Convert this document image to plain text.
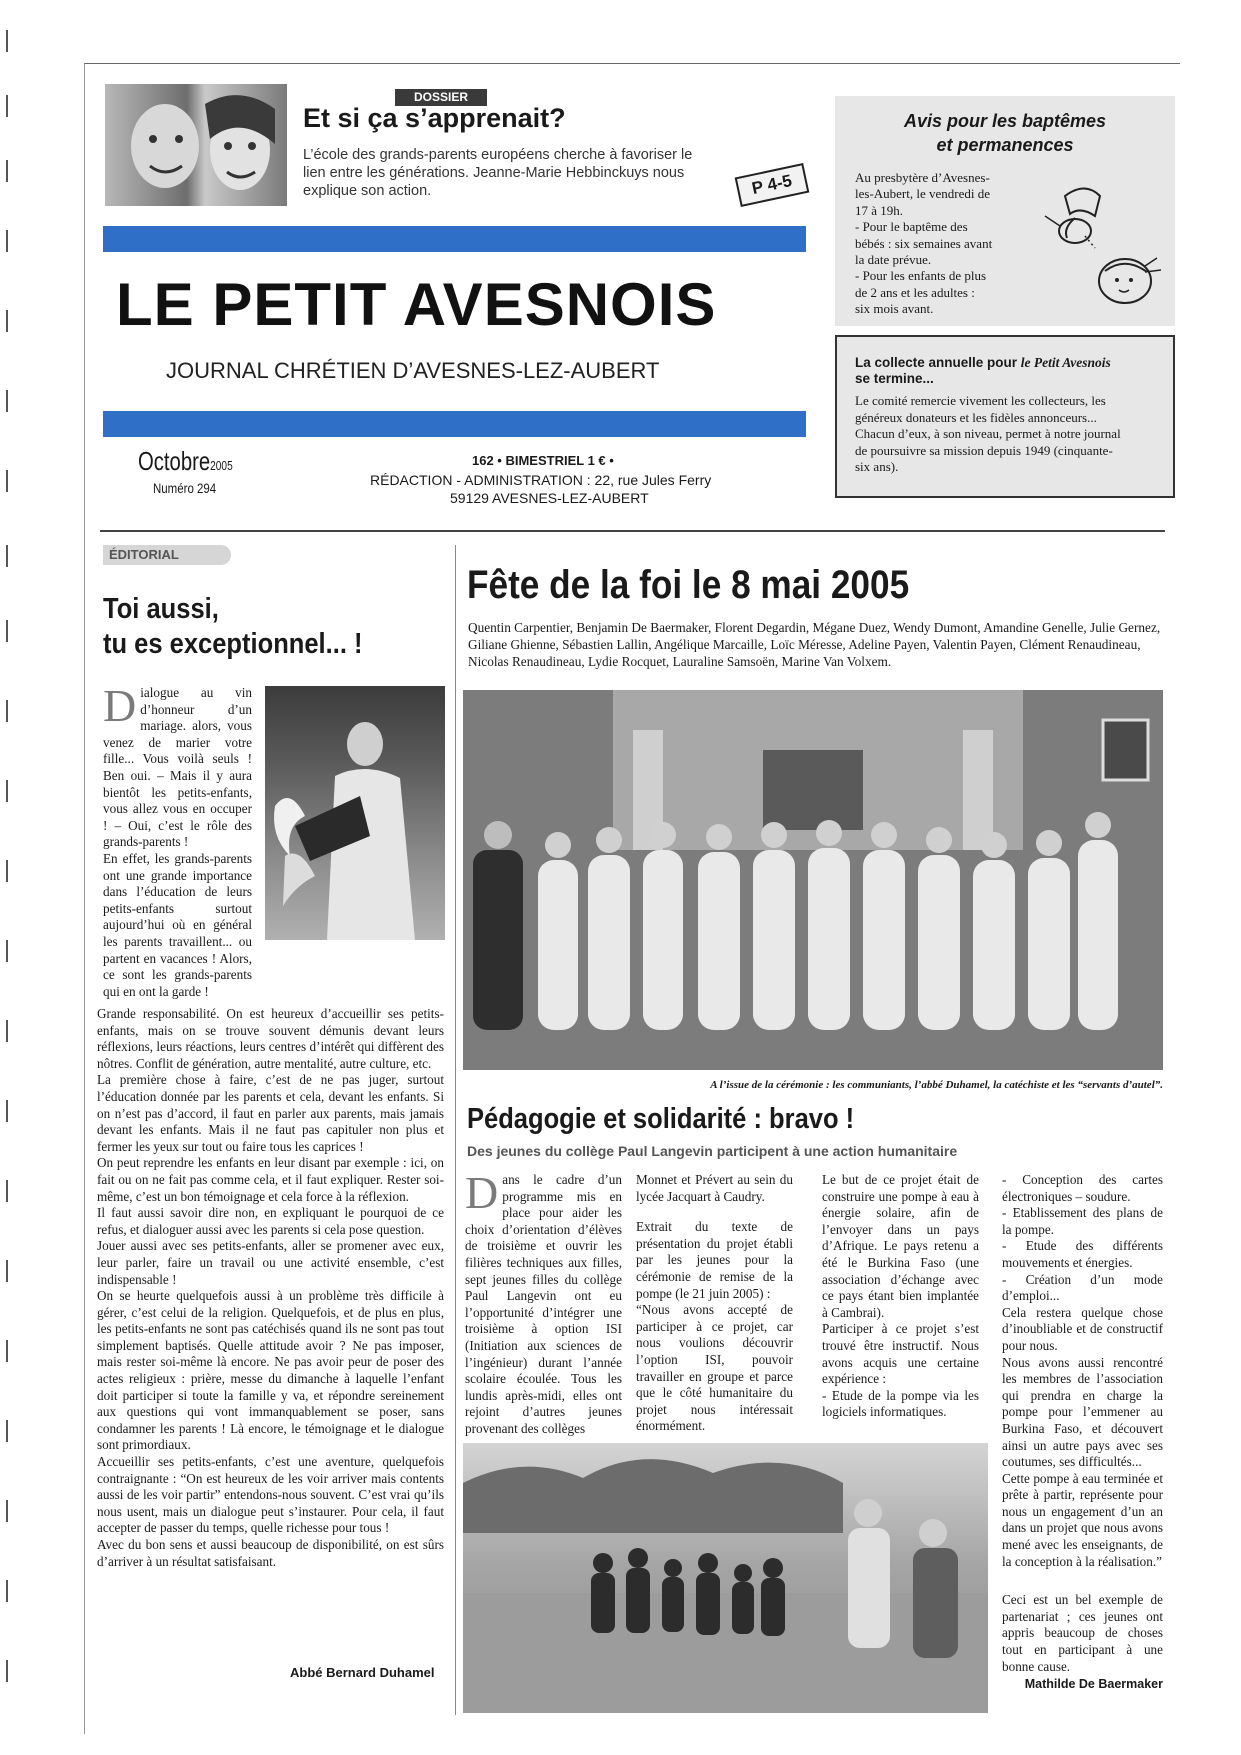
DOSSIER
Et si ça s’apprenait?
L’école des grands-parents européens cherche à favoriser le lien entre les générations. Jeanne-Marie Hebbinckuys nous explique son action.	P 4-5
LE PETIT AVESNOIS
JOURNAL CHRÉTIEN D’AVESNES-LEZ-AUBERT
Octobre2005
Numéro 294
162 • BIMESTRIEL 1 € •
RÉDACTION - ADMINISTRATION : 22, rue Jules Ferry
59129 AVESNES-LEZ-AUBERT
Avis pour les baptêmes
et permanences
Au presbytère d’Avesnes-
les-Aubert, le vendredi de
17 à 19h.
- Pour le baptême des
bébés : six semaines avant
la date prévue.
- Pour les enfants de plus
de 2 ans et les adultes :
six mois avant.
La collecte annuelle pour le Petit Avesnois
se termine...
Le comité remercie vivement les collecteurs, les
généreux donateurs et les fidèles annonceurs...
Chacun d’eux, à son niveau, permet à notre journal
de poursuivre sa mission depuis 1949 (cinquante-
six ans).
ÉDITORIAL
Toi aussi,
tu es exceptionnel... !
Dialogue au vin d’honneur d’un mariage. alors, vous venez de marier votre fille... Vous voilà seuls ! Ben oui. – Mais il y aura bientôt les petits-enfants, vous allez vous en occuper ! – Oui, c’est le rôle des grands-parents !

En effet, les grands-parents ont une grande importance dans l’éducation de leurs petits-enfants surtout aujourd’hui où en général les parents travaillent... ou partent en vacances ! Alors, ce sont les grands-parents qui en ont la garde !

Grande responsabilité. On est heureux d’accueillir ses petits-enfants, mais on se trouve souvent démunis devant leurs réflexions, leurs réactions, leurs centres d’intérêt qui diffèrent des nôtres. Conflit de génération, autre mentalité, autre culture, etc.

La première chose à faire, c’est de ne pas juger, surtout l’éducation donnée par les parents et cela, devant les enfants. Si on n’est pas d’accord, il faut en parler aux parents, mais jamais devant les enfants. Mais il ne faut pas capituler non plus et fermer les yeux sur tout ou faire tous les caprices !

On peut reprendre les enfants en leur disant par exemple : ici, on fait ou on ne fait pas comme cela, et il faut expliquer. Rester soi-même, c’est un bon témoignage et cela force à la réflexion.

Il faut aussi savoir dire non, en expliquant le pourquoi de ce refus, et dialoguer aussi avec les parents si cela pose question.

Jouer aussi avec ses petits-enfants, aller se promener avec eux, leur parler, faire un travail ou une activité ensemble, c’est indispensable !

On se heurte quelquefois aussi à un problème très difficile à gérer, c’est celui de la religion. Quelquefois, et de plus en plus, les petits-enfants ne sont pas catéchisés quand ils ne sont pas tout simplement baptisés. Quelle attitude avoir ? Ne pas imposer, mais rester soi-même là encore. Ne pas avoir peur de poser des actes religieux : prière, messe du dimanche à laquelle l’enfant doit participer si toute la famille y va, et répondre sereinement aux questions qui vont immanquablement se poser, sans condamner les parents ! Là encore, le témoignage et le dialogue sont primordiaux.

Accueillir ses petits-enfants, c’est une aventure, quelquefois contraignante : “On est heureux de les voir arriver mais contents aussi de les voir partir” entendons-nous souvent. C’est vrai qu’ils nous usent, mais un dialogue peut s’instaurer. Pour cela, il faut accepter de passer du temps, quelle richesse pour tous !

Avec du bon sens et aussi beaucoup de disponibilité, on est sûrs d’arriver à un résultat satisfaisant.

Abbé Bernard Duhamel
Fête de la foi le 8 mai 2005
Quentin Carpentier, Benjamin De Baermaker, Florent Degardin, Mégane Duez, Wendy Dumont, Amandine Genelle, Julie Gernez, Giliane Ghienne, Sébastien Lallin, Angélique Marcaille, Loïc Méresse, Adeline Payen, Valentin Payen, Clément Renaudineau, Nicolas Renaudineau, Lydie Rocquet, Lauraline Samsoën, Marine Van Volxem.
A l’issue de la cérémonie : les communiants, l’abbé Duhamel, la catéchiste et les “servants d’autel”.
Pédagogie et solidarité : bravo !
Des jeunes du collège Paul Langevin participent à une action humanitaire
Dans le cadre d’un programme mis en place pour aider les choix d’orientation d’élèves de troisième et ouvrir les filières techniques aux filles, sept jeunes filles du collège Paul Langevin ont eu l’opportunité d’intégrer une troisième à option ISI (Initiation aux sciences de l’ingénieur) durant l’année scolaire écoulée. Tous les lundis après-midi, elles ont rejoint d’autres jeunes provenant des collèges

Monnet et Prévert au sein du lycée Jacquart à Caudry.

Extrait du texte de présentation du projet établi par les jeunes pour la cérémonie de remise de la pompe (le 21 juin 2005) :

“Nous avons accepté de participer à ce projet, car nous voulions découvrir l’option ISI, pouvoir travailler en groupe et parce que le côté humanitaire du projet nous intéressait énormément.

Le but de ce projet était de construire une pompe à eau à énergie solaire, afin de l’envoyer dans un pays d’Afrique. Le pays retenu a été le Burkina Faso (une association d’échange avec ce pays étant bien implantée à Cambrai).

Participer à ce projet s’est trouvé être instructif. Nous avons acquis une certaine expérience :

- Etude de la pompe via les logiciels informatiques.

- Conception des cartes électroniques – soudure.

- Etablissement des plans de la pompe.

- Etude des différents mouvements et énergies.

- Création d’un mode d’emploi...

Cela restera quelque chose d’inoubliable et de constructif pour nous.

Nous avons aussi rencontré les membres de l’association qui prendra en charge la pompe pour l’emmener au Burkina Faso, et découvert ainsi un autre pays avec ses coutumes, ses difficultés...

Cette pompe à eau terminée et prête à partir, représente pour nous un engagement d’un an dans un projet que nous avons mené avec les enseignants, de la conception à la réalisation.”

Ceci est un bel exemple de partenariat ; ces jeunes ont appris beaucoup de choses tout en participant à une bonne cause.

Mathilde De Baermaker
